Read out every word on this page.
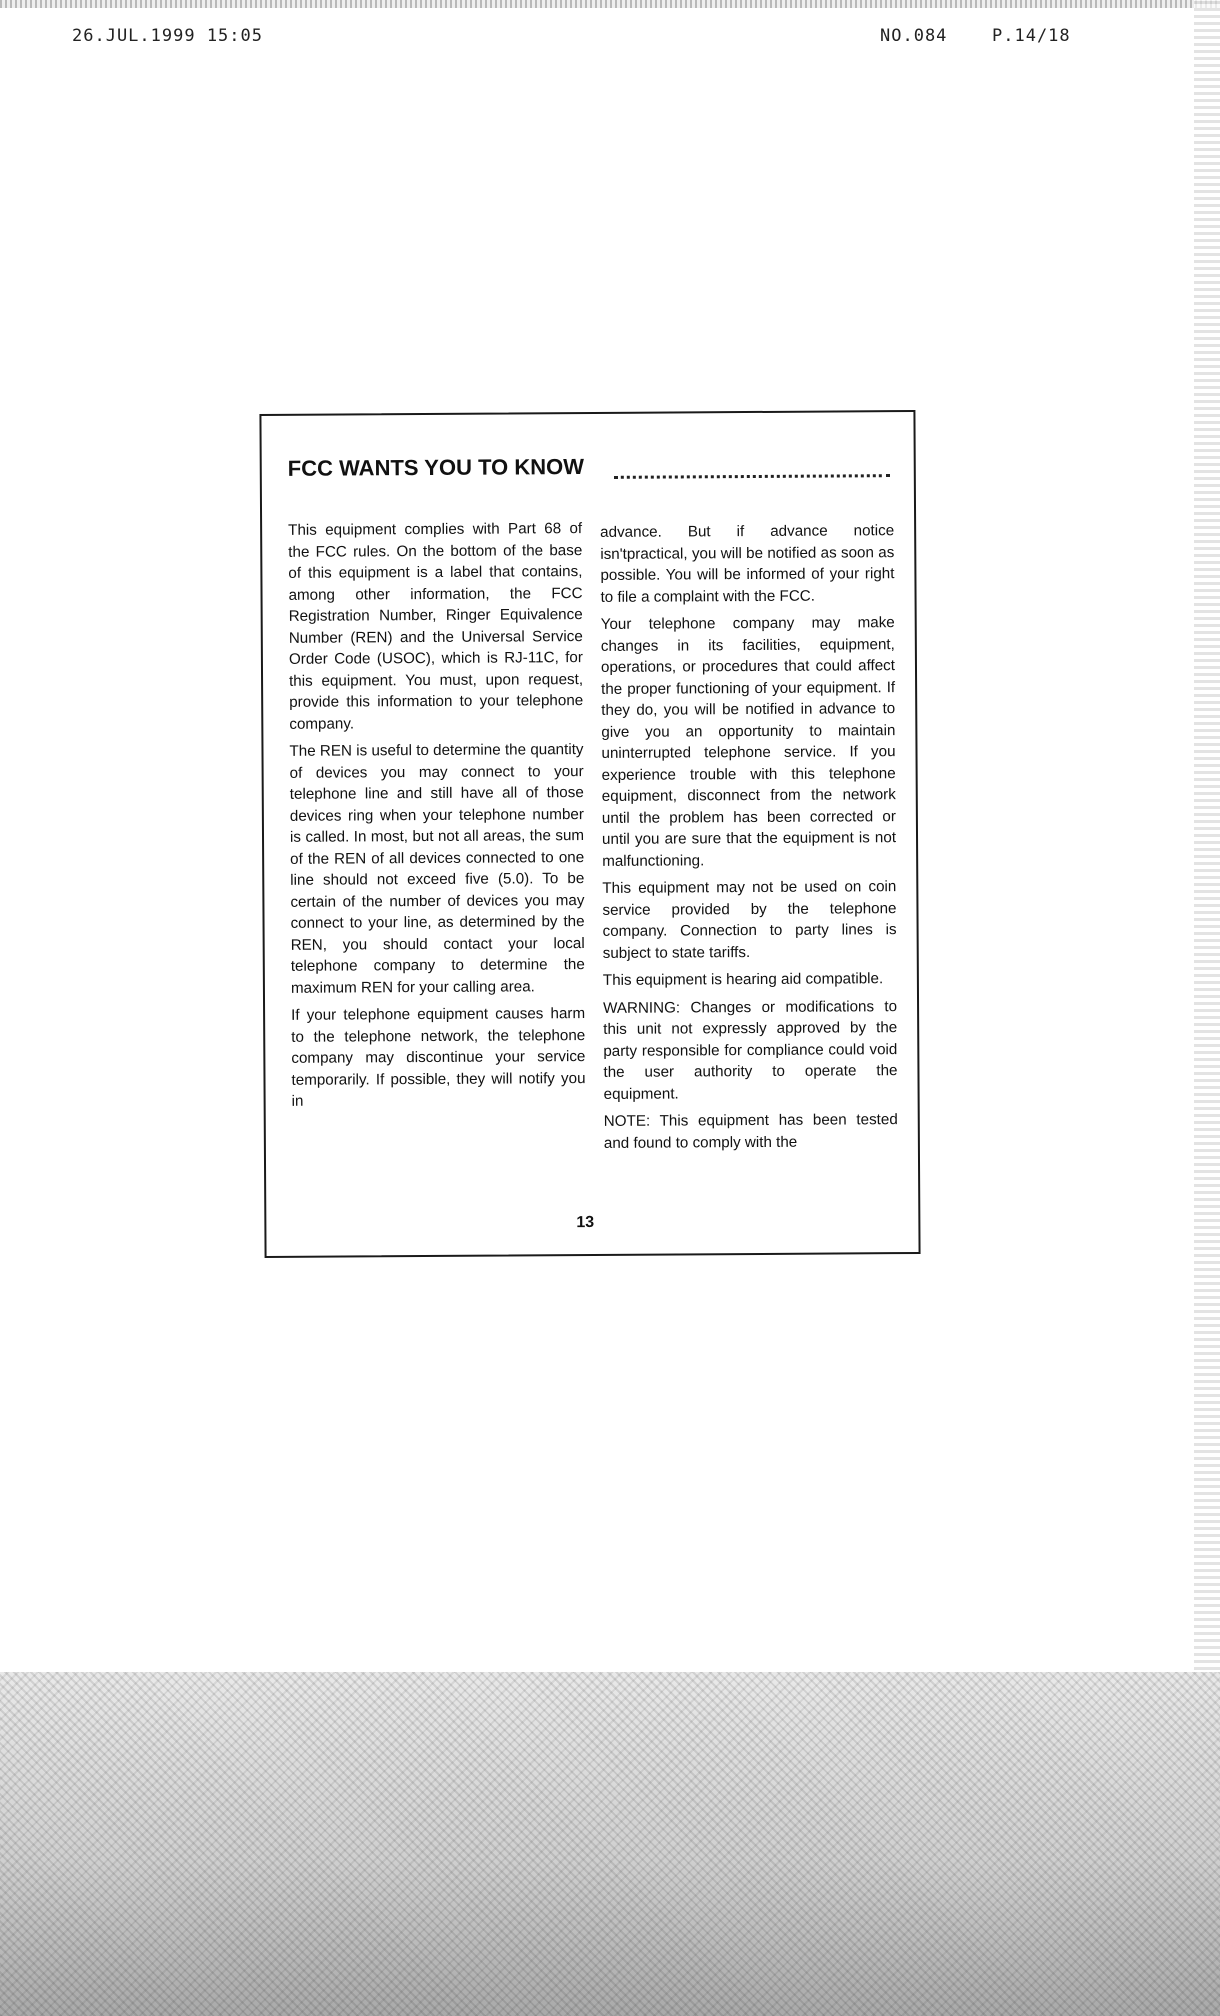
26.JUL.1999 15:05	NO.084	P.14/18
FCC WANTS YOU TO KNOW

This equipment complies with Part 68 of the FCC rules. On the bottom of the base of this equipment is a label that contains, among other information, the FCC Registration Number, Ringer Equivalence Number (REN) and the Universal Service Order Code (USOC), which is RJ-11C, for this equipment. You must, upon request, provide this information to your telephone company.

The REN is useful to determine the quantity of devices you may connect to your telephone line and still have all of those devices ring when your telephone number is called. In most, but not all areas, the sum of the REN of all devices connected to one line should not exceed five (5.0). To be certain of the number of devices you may connect to your line, as determined by the REN, you should contact your local telephone company to determine the maximum REN for your calling area.

If your telephone equipment causes harm to the telephone network, the telephone company may discontinue your service temporarily. If possible, they will notify you in

advance. But if advance notice isn'tpractical, you will be notified as soon as possible. You will be informed of your right to file a complaint with the FCC.

Your telephone company may make changes in its facilities, equipment, operations, or procedures that could affect the proper functioning of your equipment. If they do, you will be notified in advance to give you an opportunity to maintain uninterrupted telephone service. If you experience trouble with this telephone equipment, disconnect from the network until the problem has been corrected or until you are sure that the equipment is not malfunctioning.

This equipment may not be used on coin service provided by the telephone company. Connection to party lines is subject to state tariffs.

This equipment is hearing aid compatible.

WARNING: Changes or modifications to this unit not expressly approved by the party responsible for compliance could void the user authority to operate the equipment.

NOTE: This equipment has been tested and found to comply with the

13
